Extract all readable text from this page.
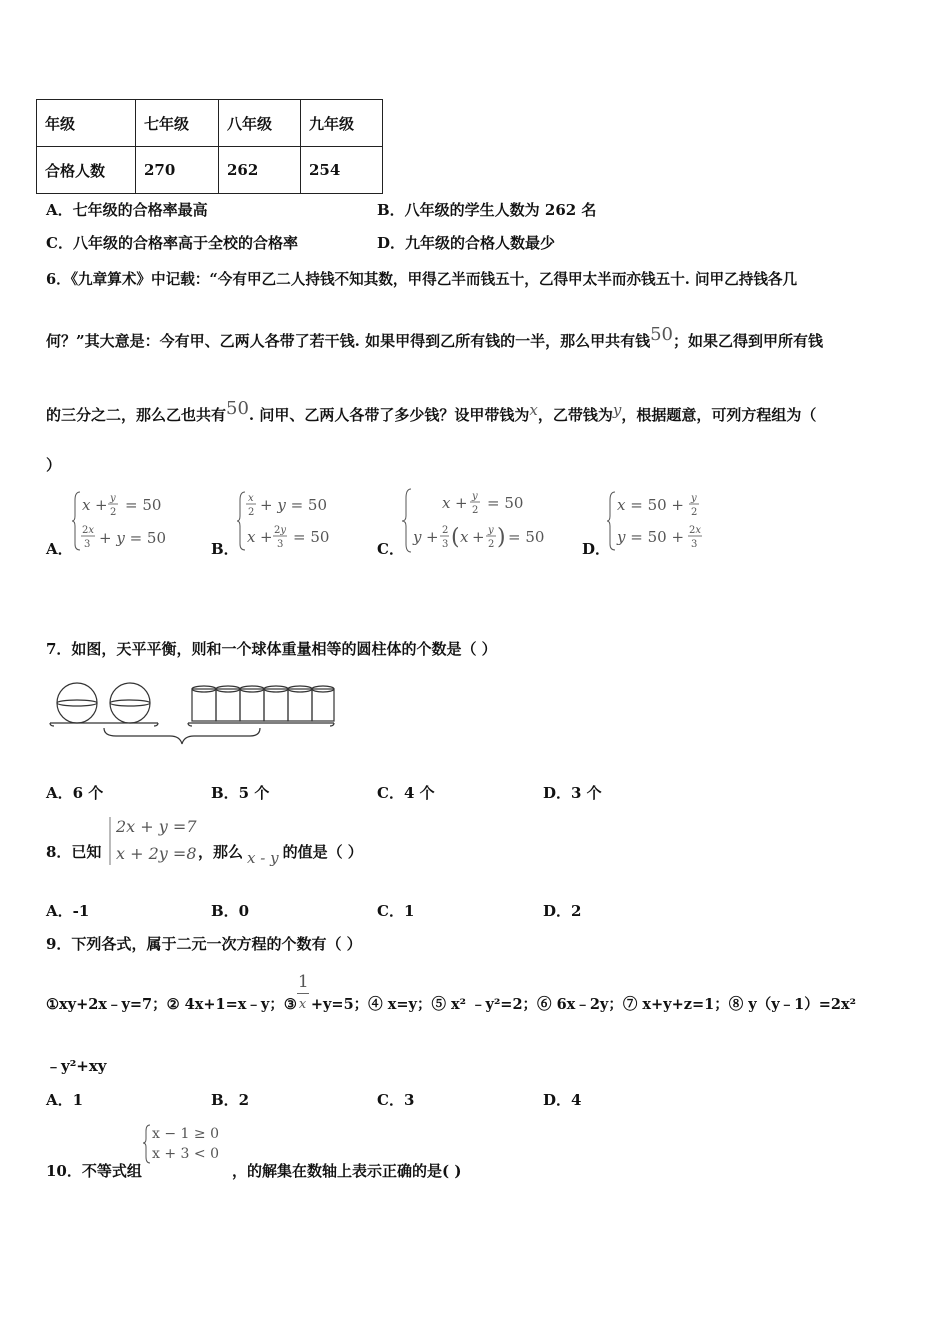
年级	七年级	八年级	九年级
合格人数	270	262	254
A．七年级的合格率最高	B．八年级的学生人数为 262 名
C．八年级的合格率高于全校的合格率	D．九年级的合格人数最少
6．《九章算术》中记载：“今有甲乙二人持钱不知其数，甲得乙半而钱五十，乙得甲太半而亦钱五十. 问甲乙持钱各几
何？”其大意是：今有甲、乙两人各带了若干钱. 如果甲得到乙所有钱的一半，那么甲共有钱50；如果乙得到甲所有钱
的三分之二，那么乙也共有50. 问甲、乙两人各带了多少钱？设甲带钱为x，乙带钱为y，根据题意，可列方程组为（
）
A．
x + y
2 = 50
2x
3 + y = 50
B．
x
2 + y = 50
x + 2y
3 = 50
C．
x + y
2 = 50
y + 2
3 ( x + y
2 ) = 50
D．
x = 50 + y
2
y = 50 + 2x
3
7．如图，天平平衡，则和一个球体重量相等的圆柱体的个数是（ ）
A．6 个	B．5 个	C．4 个	D．3 个
8．已知
2x + y =7
x + 2y =8 ，那么 x - y 的值是（ ）
A．-1	B．0	C．1	D．2
9．下列各式，属于二元一次方程的个数有（ ）
①xy+2x﹣y=7；② 4x+1=x﹣y；③
1
x +y=5；④ x=y；⑤ x² ﹣y²=2；⑥ 6x﹣2y；⑦ x+y+z=1；⑧ y（y﹣1）=2x²
﹣y²+xy
A．1	B．2	C．3	D．4
10．不等式组
x − 1 ≥ 0
x + 3 < 0
，的解集在数轴上表示正确的是( )
